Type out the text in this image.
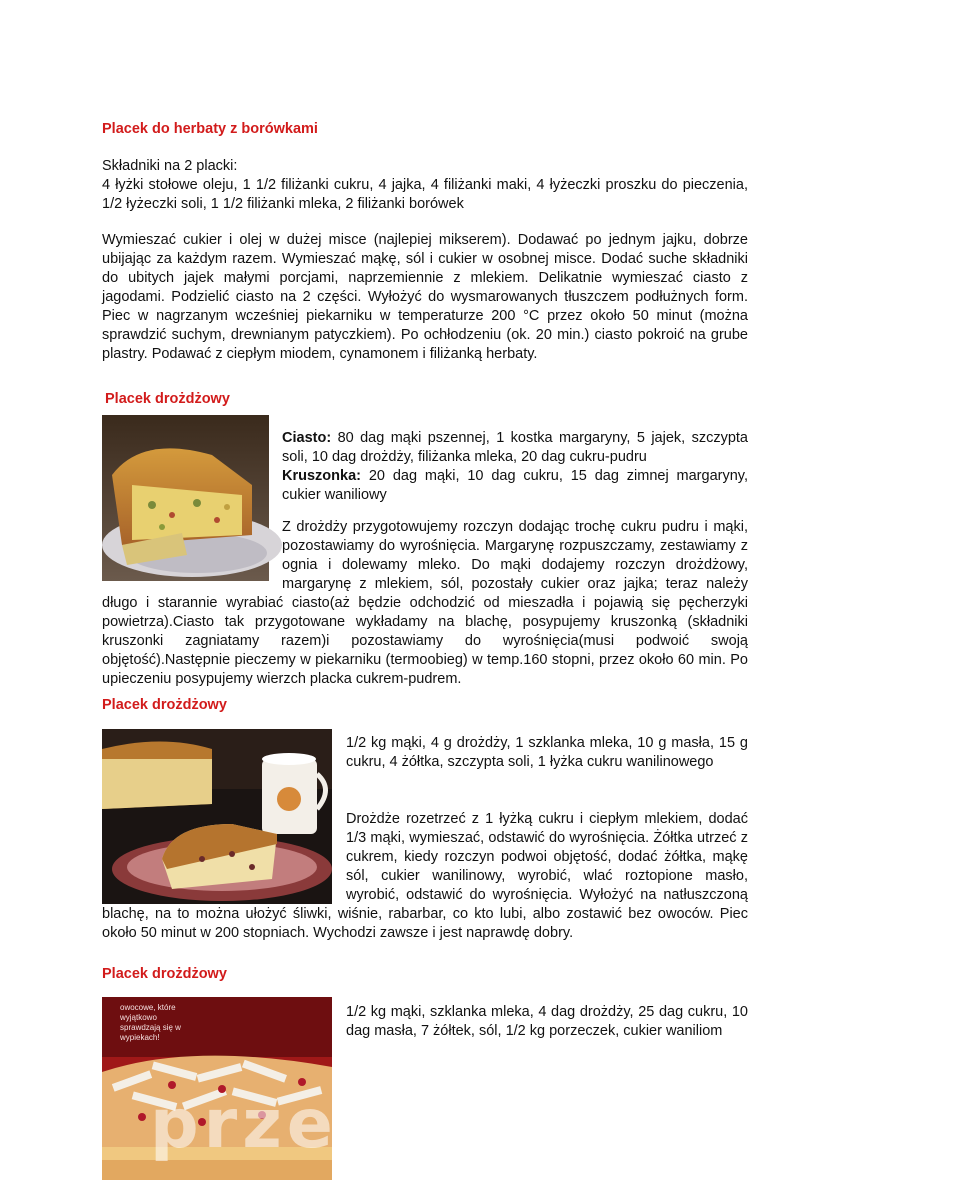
Placek do herbaty z borówkami
Składniki na 2 placki:
4 łyżki stołowe oleju, 1 1/2 filiżanki cukru, 4 jajka, 4 filiżanki maki, 4 łyżeczki proszku do pieczenia, 1/2 łyżeczki soli, 1 1/2 filiżanki mleka, 2 filiżanki borówek
Wymieszać cukier i olej w dużej misce (najlepiej mikserem). Dodawać po jednym jajku, dobrze ubijając za każdym razem. Wymieszać mąkę, sól i cukier w osobnej misce. Dodać suche składniki do ubitych jajek małymi porcjami, naprzemiennie z mlekiem. Delikatnie wymieszać ciasto z jagodami. Podzielić ciasto na 2 części. Wyłożyć do wysmarowanych tłuszczem podłużnych form. Piec w nagrzanym wcześniej piekarniku w temperaturze 200 °C przez około 50 minut (można sprawdzić suchym, drewnianym patyczkiem). Po ochłodzeniu (ok. 20 min.) ciasto pokroić na grube plastry. Podawać z ciepłym miodem, cynamonem i filiżanką herbaty.
Placek drożdżowy
Ciasto: 80 dag mąki pszennej, 1 kostka margaryny, 5 jajek, szczypta soli, 10 dag drożdży, filiżanka mleka, 20 dag cukru-pudru
Kruszonka: 20 dag mąki, 10 dag cukru, 15 dag zimnej margaryny, cukier waniliowy
Z drożdży przygotowujemy rozczyn dodając trochę cukru pudru i mąki, pozostawiamy do wyrośnięcia. Margarynę rozpuszczamy, zestawiamy z ognia i dolewamy mleko. Do mąki dodajemy rozczyn drożdżowy, margarynę z mlekiem, sól, pozostały cukier oraz jajka; teraz należy długo i starannie wyrabiać ciasto(aż będzie odchodzić od mieszadła i pojawią się pęcherzyki powietrza).Ciasto tak przygotowane wykładamy na blachę, posypujemy kruszonką (składniki kruszonki zagniatamy razem)i pozostawiamy do wyrośnięcia(musi podwoić swoją objętość).Następnie pieczemy w piekarniku (termoobieg) w temp.160 stopni, przez około 60 min. Po upieczeniu posypujemy wierzch placka cukrem-pudrem.
Placek drożdżowy
1/2 kg mąki, 4 g drożdży, 1 szklanka mleka, 10 g masła, 15 g cukru, 4 żółtka, szczypta soli, 1 łyżka cukru wanilinowego
Drożdże rozetrzeć z 1 łyżką cukru i ciepłym mlekiem, dodać 1/3 mąki, wymieszać, odstawić do wyrośnięcia. Żółtka utrzeć z cukrem, kiedy rozczyn podwoi objętość, dodać żółtka, mąkę sól, cukier wanilinowy, wyrobić, wlać roztopione masło, wyrobić, odstawić do wyrośnięcia. Wyłożyć na natłuszczoną blachę, na to można ułożyć śliwki, wiśnie, rabarbar, co kto lubi, albo zostawić bez owoców. Piec około 50 minut w 200 stopniach. Wychodzi zawsze i jest naprawdę dobry.
Placek drożdżowy
owocowe, które wyjątkowo sprawdzają się w wypiekach!
1/2 kg mąki, szklanka mleka, 4 dag drożdży, 25 dag cukru, 10 dag masła, 7 żółtek, sól, 1/2 kg porzeczek, cukier waniliom
przepisydomowe.pl
